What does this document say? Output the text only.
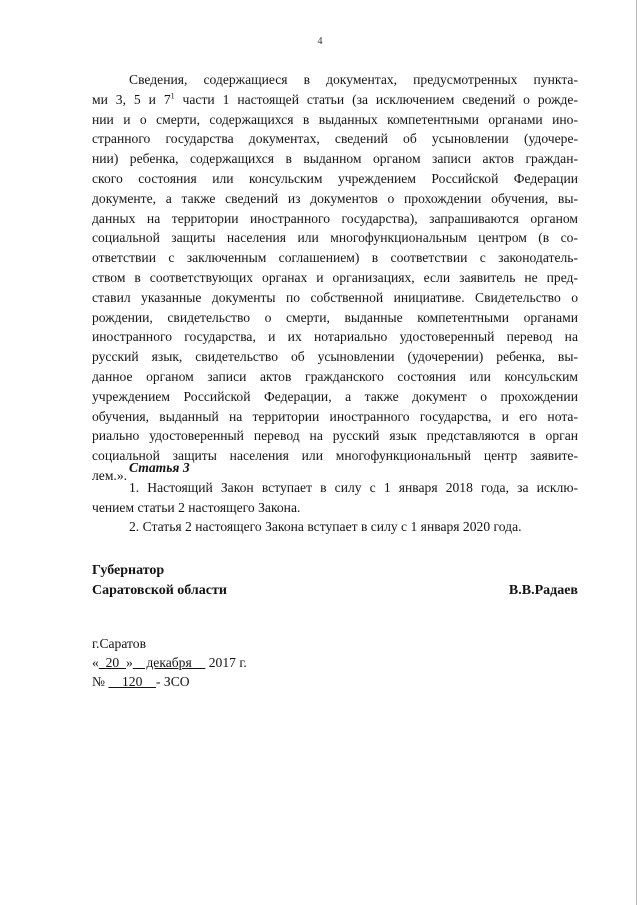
4
Сведения, содержащиеся в документах, предусмотренных пункта-
ми 3, 5 и $7^1$ части 1 настоящей статьи (за исключением сведений о рожде-
нии и о смерти, содержащихся в выданных компетентными органами ино-
странного государства документах, сведений об усыновлении (удочере-
нии) ребенка, содержащихся в выданном органом записи актов граждан-
ского состояния или консульским учреждением Российской Федерации
документе, а также сведений из документов о прохождении обучения, вы-
данных на территории иностранного государства), запрашиваются органом
социальной защиты населения или многофункциональным центром (в со-
ответствии с заключенным соглашением) в соответствии с законодатель-
ством в соответствующих органах и организациях, если заявитель не пред-
ставил указанные документы по собственной инициативе. Свидетельство о
рождении, свидетельство о смерти, выданные компетентными органами
иностранного государства, и их нотариально удостоверенный перевод на
русский язык, свидетельство об усыновлении (удочерении) ребенка, вы-
данное органом записи актов гражданского состояния или консульским
учреждением Российской Федерации, а также документ о прохождении
обучения, выданный на территории иностранного государства, и его нота-
риально удостоверенный перевод на русский язык представляются в орган
социальной защиты населения или многофункциональный центр заявите-
лем.».
Статья 3
1. Настоящий Закон вступает в силу с 1 января 2018 года, за исклю-
чением статьи 2 настоящего Закона.
2. Статья 2 настоящего Закона вступает в силу с 1 января 2020 года.
Губернатор
Саратовской области	В.В.Радаев
г.Саратов
«  20  »    декабря     2017 г.
№     120    - ЗСО
